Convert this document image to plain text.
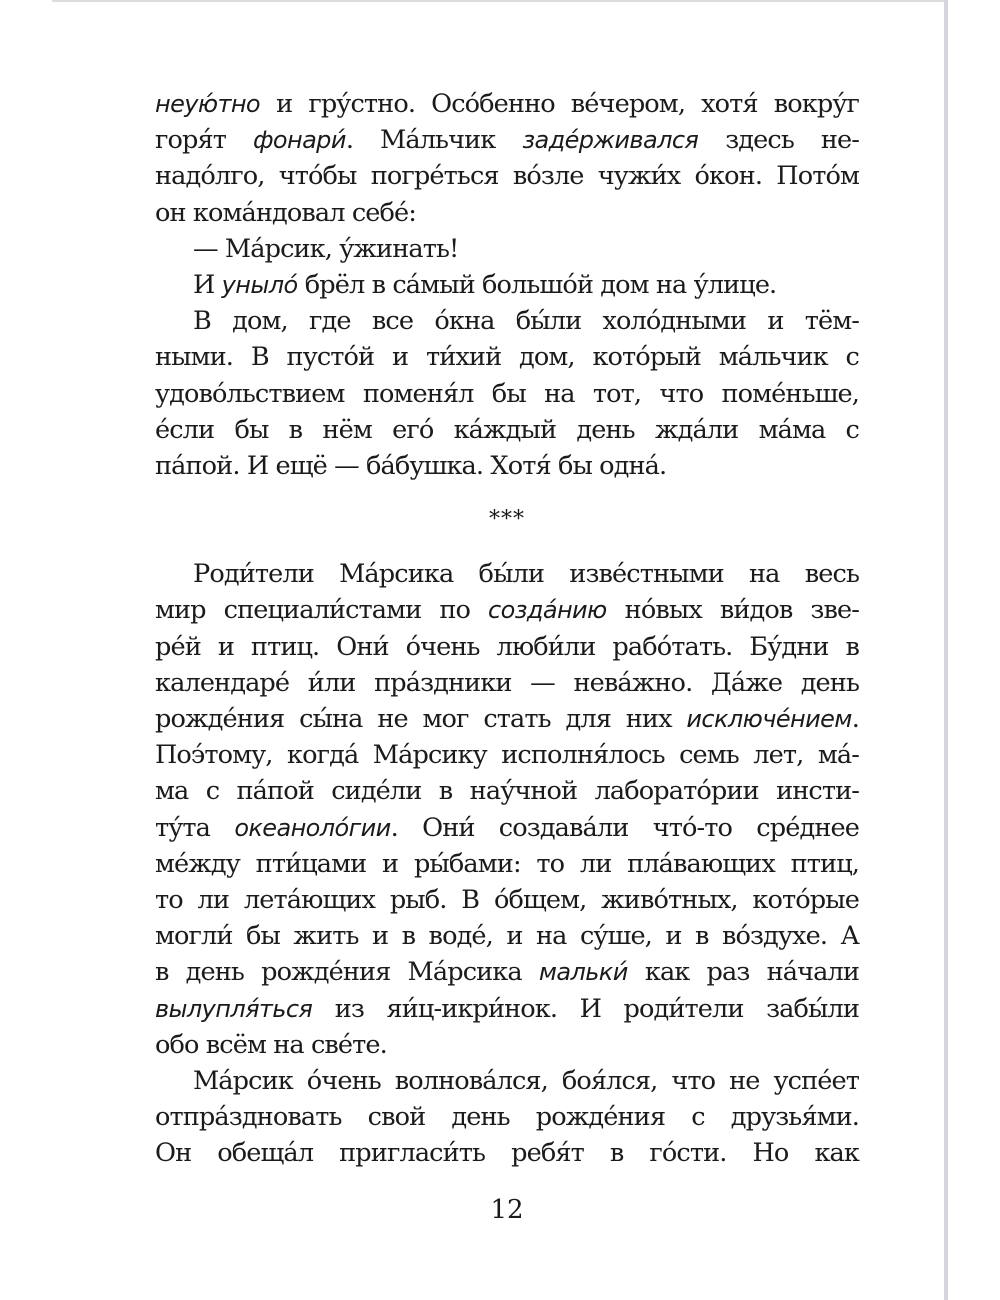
неую́тно и гру́стно. Осо́бенно ве́чером, хотя́ вокру́г
горя́т фонари́. Ма́льчик заде́рживался здесь не-
надо́лго, что́бы погре́ться во́зле чужи́х о́кон. Пото́м
он кома́ндовал себе́:
— Ма́рсик, у́жинать!
И уныло́ брёл в са́мый большо́й дом на у́лице.
В дом, где все о́кна бы́ли холо́дными и тём-
ными. В пусто́й и ти́хий дом, кото́рый ма́льчик с
удово́льствием поменя́л бы на тот, что поме́ньше,
е́сли бы в нём его́ ка́ждый день жда́ли ма́ма с
па́пой. И ещё — ба́бушка. Хотя́ бы одна́.
***
Роди́тели Ма́рсика бы́ли изве́стными на весь
мир специали́стами по созда́нию но́вых ви́дов зве-
ре́й и птиц. Они́ о́чень люби́ли рабо́тать. Бу́дни в
календаре́ и́ли пра́здники — нева́жно. Да́же день
рожде́ния сы́на не мог стать для них исключе́нием.
Поэ́тому, когда́ Ма́рсику исполня́лось семь лет, ма́-
ма с па́пой сиде́ли в нау́чной лаборато́рии инсти-
ту́та океаноло́гии. Они́ создава́ли что́-то сре́днее
ме́жду пти́цами и ры́бами: то ли пла́вающих птиц,
то ли лета́ющих рыб. В о́бщем, живо́тных, кото́рые
могли́ бы жить и в воде́, и на су́ше, и в во́здухе. А
в день рожде́ния Ма́рсика мальки́ как раз на́чали
вылупля́ться из яи́ц-икри́нок. И роди́тели забы́ли
обо всём на све́те.
Ма́рсик о́чень волнова́лся, боя́лся, что не успе́ет
отпра́здновать свой день рожде́ния с друзья́ми.
Он обеща́л пригласи́ть ребя́т в го́сти. Но как
12
